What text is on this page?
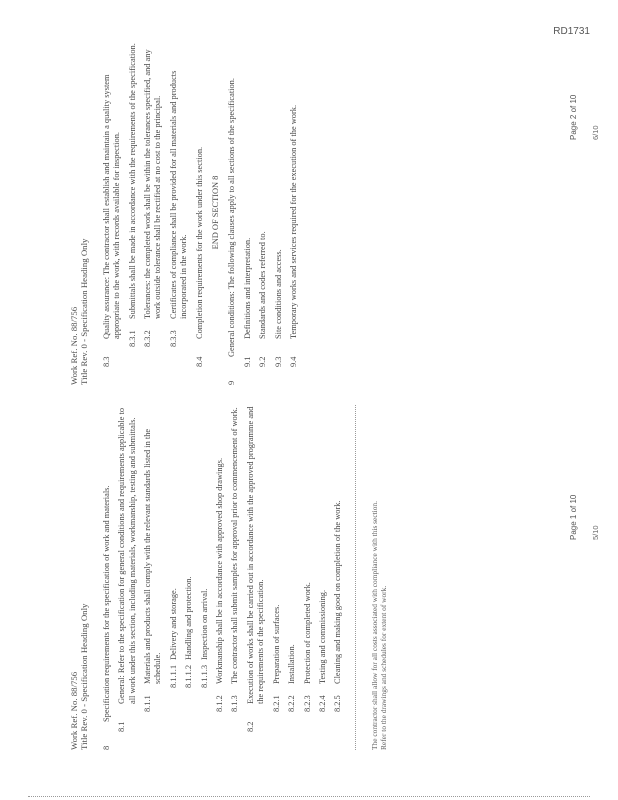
RD1731
Work Ref. No. 88/756 Title Rev. 0 - Specification Heading Only 8
Specification requirements for the specification of work and materials.
8.1
General: Refer to the specification for general conditions and requirements applicable to all work under this section, including materials, workmanship, testing and submittals. 8.1.1
Materials and products shall comply with the relevant standards listed in the schedule. 8.1.1.1
Delivery and storage.
8.1.1.2
Handling and protection.
8.1.1.3
Inspection on arrival.
8.1.2
Workmanship shall be in accordance with approved shop drawings.
8.1.3
The contractor shall submit samples for approval prior to commencement of work.
8.2
Execution of works shall be carried out in accordance with the approved programme and the requirements of the specification. 8.2.1
Preparation of surfaces.
8.2.2
Installation.
8.2.3
Protection of completed work.
8.2.4
Testing and commissioning.
8.2.5
Cleaning and making good on completion of the work.	The contractor shall allow for all costs associated with compliance with this section. Refer to the drawings and schedules for extent of work.
Work Ref. No. 88/756 Title Rev. 0 - Specification Heading Only 8.3
Quality assurance: The contractor shall establish and maintain a quality system appropriate to the work, with records available for inspection. 8.3.1
Submittals shall be made in accordance with the requirements of the specification.
8.3.2
Tolerances: the completed work shall be within the tolerances specified, and any work outside tolerance shall be rectified at no cost to the principal.
8.3.3
Certificates of compliance shall be provided for all materials and products incorporated in the work.
8.4
Completion requirements for the work under this section. END OF SECTION 8
9
General conditions: The following clauses apply to all sections of the specification.
9.1
Definitions and interpretation.
9.2
Standards and codes referred to.
9.3
Site conditions and access.
9.4
Temporary works and services required for the execution of the work.
Page 1 of 10 5/10
Page 2 of 10 6/10
